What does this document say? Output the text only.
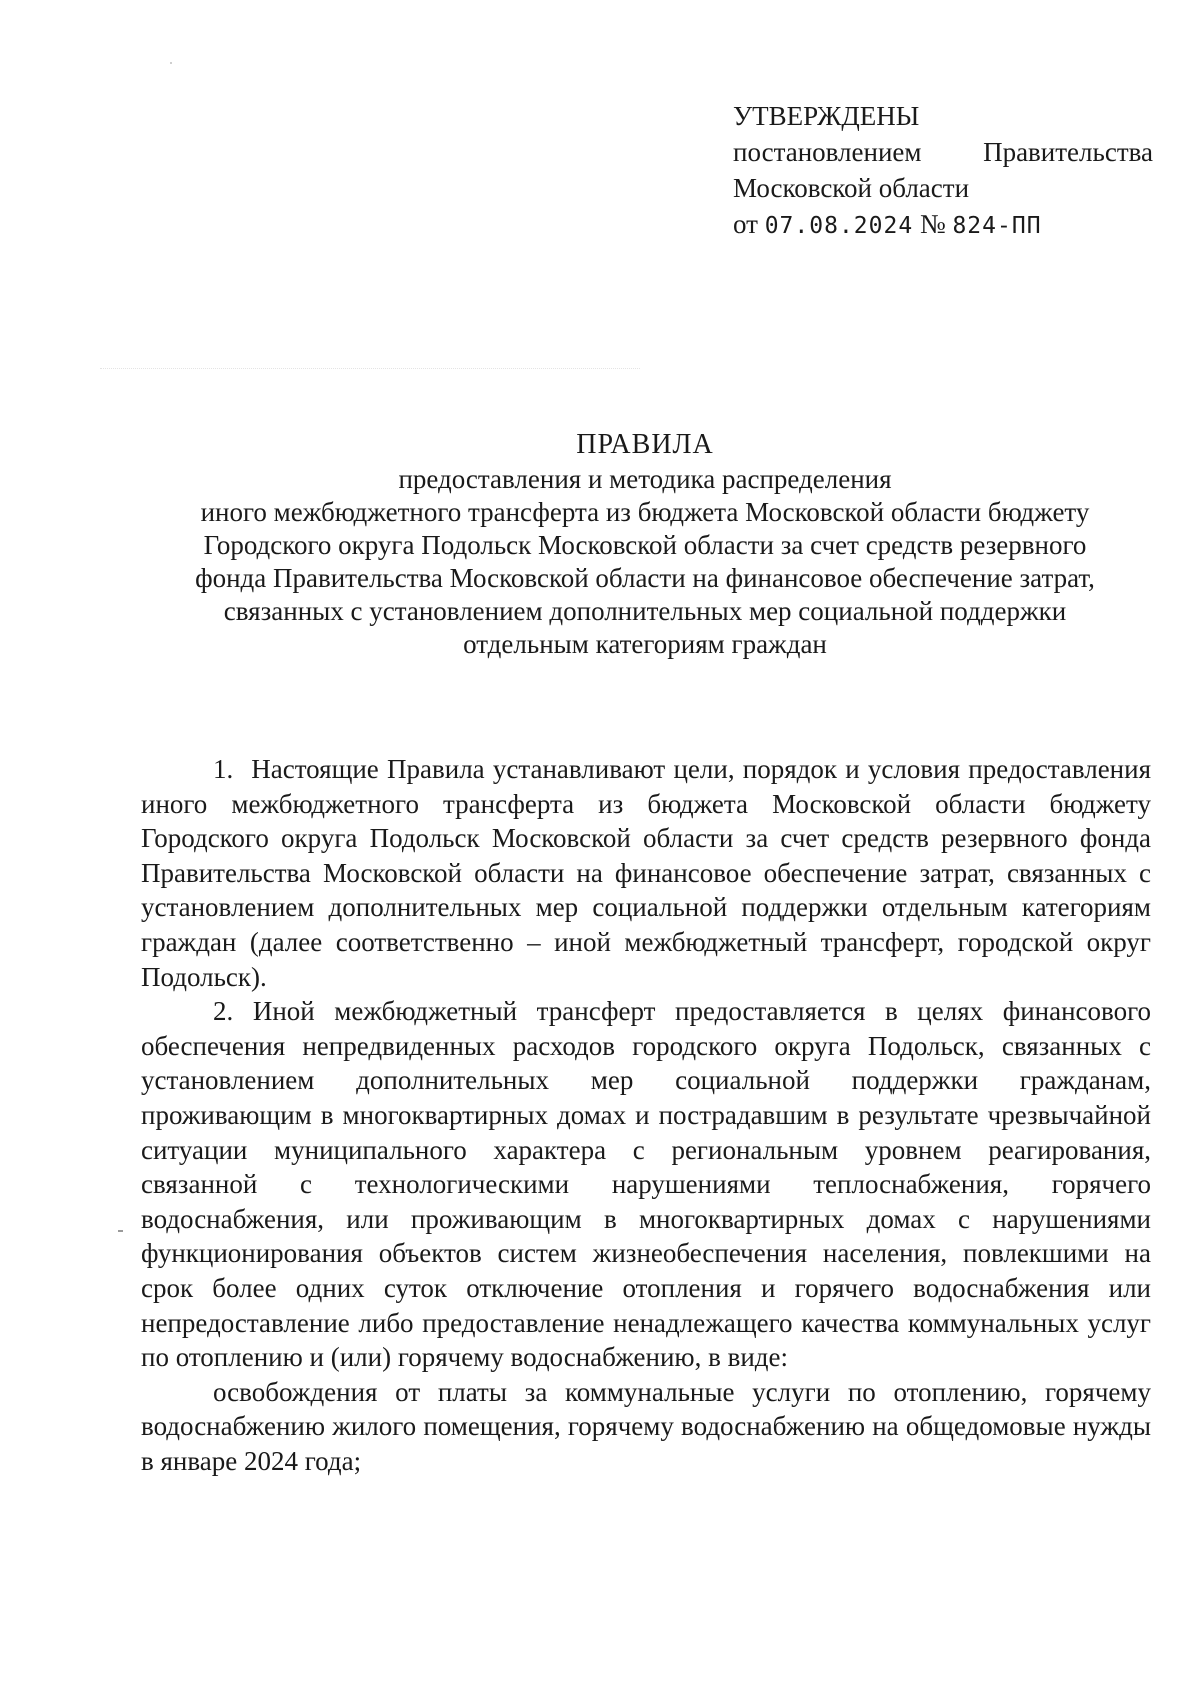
УТВЕРЖДЕНЫ
постановлением Правительства
Московской области
от 07.08.2024 № 824-ПП
ПРАВИЛА
предоставления и методика распределения
иного межбюджетного трансферта из бюджета Московской области бюджету
Городского округа Подольск Московской области за счет средств резервного
фонда Правительства Московской области на финансовое обеспечение затрат,
связанных с установлением дополнительных мер социальной поддержки
отдельным категориям граждан

1. Настоящие Правила устанавливают цели, порядок и условия предоставления иного межбюджетного трансферта из бюджета Московской области бюджету Городского округа Подольск Московской области за счет средств резервного фонда Правительства Московской области на финансовое обеспечение затрат, связанных с установлением дополнительных мер социальной поддержки отдельным категориям граждан (далее соответственно – иной межбюджетный трансферт, городской округ Подольск).

2. Иной межбюджетный трансферт предоставляется в целях финансового обеспечения непредвиденных расходов городского округа Подольск, связанных с установлением дополнительных мер социальной поддержки гражданам, проживающим в многоквартирных домах и пострадавшим в результате чрезвычайной ситуации муниципального характера с региональным уровнем реагирования, связанной с технологическими нарушениями теплоснабжения, горячего водоснабжения, или проживающим в многоквартирных домах с нарушениями функционирования объектов систем жизнеобеспечения населения, повлекшими на срок более одних суток отключение отопления и горячего водоснабжения или непредоставление либо предоставление ненадлежащего качества коммунальных услуг по отоплению и (или) горячему водоснабжению, в виде:

освобождения от платы за коммунальные услуги по отоплению, горячему водоснабжению жилого помещения, горячему водоснабжению на общедомовые нужды в январе 2024 года;
